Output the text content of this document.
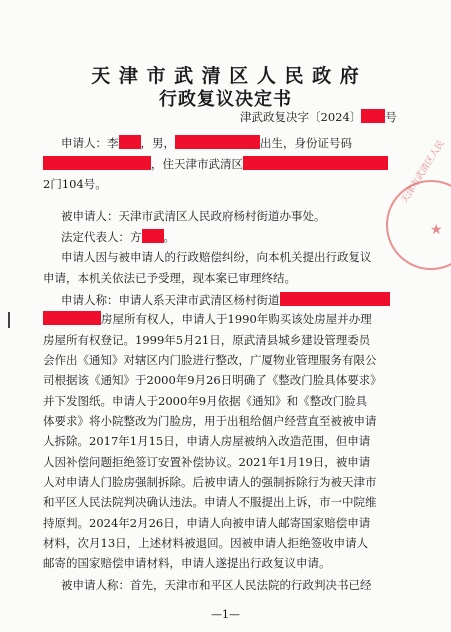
天 津 市 武 清 区 人 民 政 府
行政复议决定书
津武政复决字〔2024〕 号
申请人：李 ，男，	出生，身份证号码
，住天津市武清区
2门104号。
被申请人：天津市武清区人民政府杨村街道办事处。
法定代表人：方 。
申请人因与被申请人的行政赔偿纠纷，向本机关提出行政复议
申请，本机关依法已予受理，现本案已审理终结。
申请人称：申请人系天津市武清区杨村街道
房屋所有权人，申请人于1990年购买该处房屋并办理
房屋所有权登记。1999年5月21日，原武清县城乡建设管理委员
会作出《通知》对辖区内门脸进行整改，广厦物业管理服务有限公
司根据该《通知》于2000年9月26日明确了《整改门脸具体要求》
并下发图纸。申请人于2000年9月依据《通知》和《整改门脸具
体要求》将小院整改为门脸房，用于出租给個户经营直至被被申请
人拆除。2017年1月15日，申请人房屋被纳入改造范围，但申请
人因补偿问题拒绝签订安置补偿协议。2021年1月19日，被申请
人对申请人门脸房强制拆除。后被申请人的强制拆除行为被天津市
和平区人民法院判决确认违法。申请人不服提出上诉，市一中院维
持原判。2024年2月26日，申请人向被申请人邮寄国家赔偿申请
材料，次月13日，上述材料被退回。因被申请人拒绝签收申请人
邮寄的国家赔偿申请材料，申请人遂提出行政复议申请。
被申请人称：首先，天津市和平区人民法院的行政判决书已经
天津市武清区人民
★
—1—
